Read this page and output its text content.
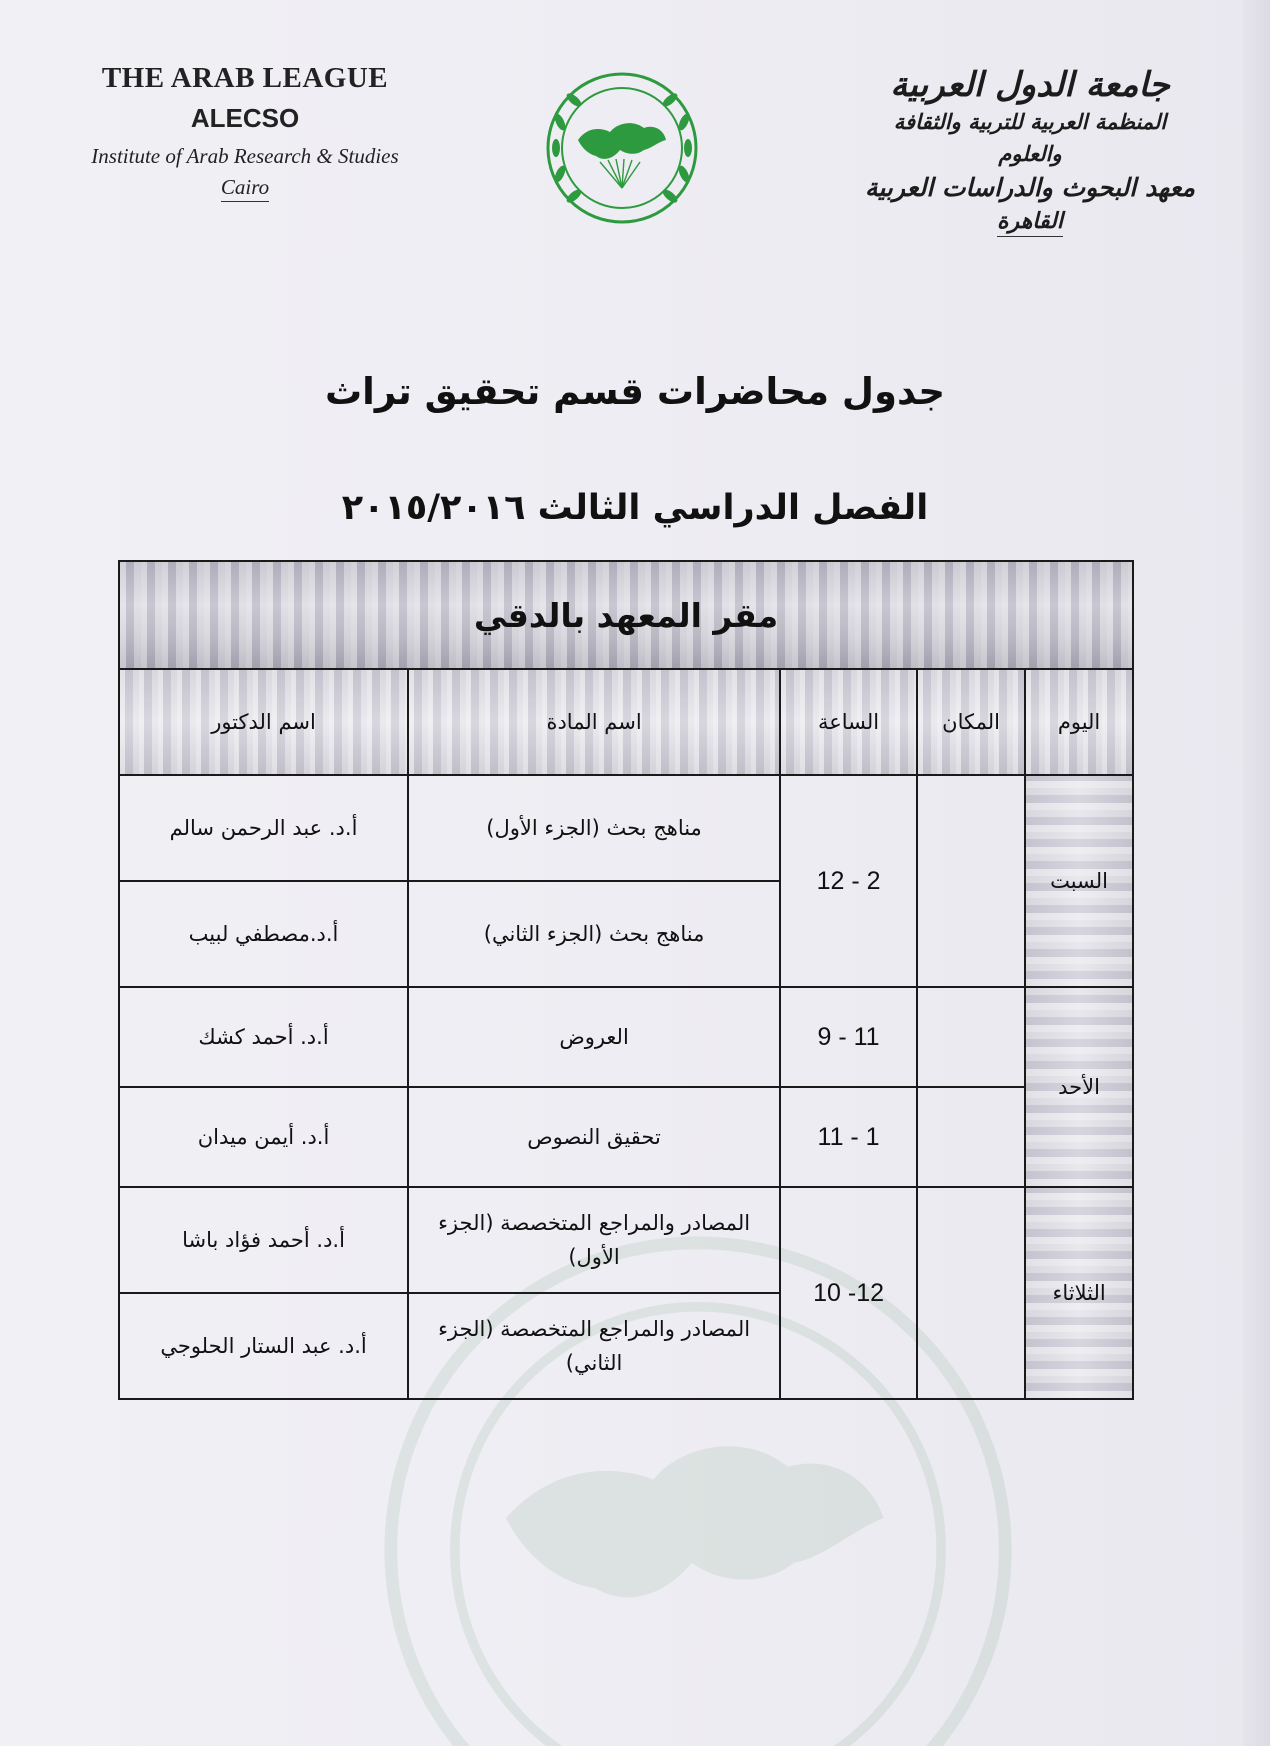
THE ARAB LEAGUE
ALECSO
Institute of Arab Research & Studies
Cairo
جامعة الدول العربية
المنظمة العربية للتربية والثقافة والعلوم
معهد البحوث والدراسات العربية
القاهرة
جدول محاضرات قسم تحقيق تراث
الفصل الدراسي الثالث ٢٠١٥/٢٠١٦
مقر المعهد بالدقي				
اليوم	المكان	الساعة	اسم المادة	اسم الدكتور
السبت		12 - 2	مناهج بحث (الجزء الأول)	أ.د. عبد الرحمن سالم
			مناهج بحث (الجزء الثاني)	أ.د.مصطفي لبيب
الأحد		9 - 11	العروض	أ.د. أحمد كشك
		11 - 1	تحقيق النصوص	أ.د. أيمن ميدان
الثلاثاء		10 -12	المصادر والمراجع المتخصصة (الجزء الأول)	أ.د. أحمد فؤاد باشا
			المصادر والمراجع المتخصصة (الجزء الثاني)	أ.د. عبد الستار الحلوجي
